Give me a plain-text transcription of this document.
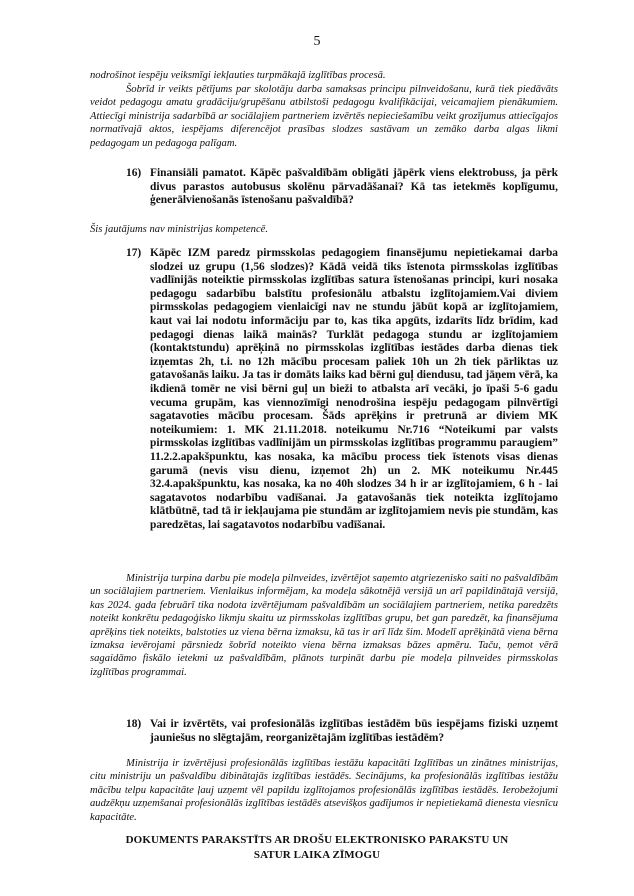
5

nodrošinot iespēju veiksmīgi iekļauties turpmākajā izglītības procesā.

Šobrīd ir veikts pētījums par skolotāju darba samaksas principu pilnveidošanu, kurā tiek piedāvāts veidot pedagogu amatu gradāciju/grupēšanu atbilstoši pedagogu kvalifikācijai, veicamajiem pienākumiem. Attiecīgi ministrija sadarbībā ar sociālajiem partneriem izvērtēs nepieciešamību veikt grozījumus attiecīgajos normatīvajā aktos, iespējams diferencējot prasības slodzes sastāvam un zemāko darba algas likmi pedagogam un pedagoga palīgam.

16) Finansiāli pamatot. Kāpēc pašvaldībām obligāti jāpērk viens elektrobuss, ja pērk divus parastos autobusus skolēnu pārvadāšanai? Kā tas ietekmēs koplīgumu, ģenerālvienošanās īstenošanu pašvaldībā?

Šis jautājums nav ministrijas kompetencē.

17) Kāpēc IZM paredz pirmsskolas pedagogiem finansējumu nepietiekamai darba slodzei uz grupu (1,56 slodzes)? Kādā veidā tiks īstenota pirmsskolas izglītības vadlīnijās noteiktie pirmsskolas izglītības satura īstenošanas principi, kuri nosaka pedagogu sadarbību balstītu profesionālu atbalstu izglītojamiem.Vai diviem pirmsskolas pedagogiem vienlaicīgi nav ne stundu jābūt kopā ar izglītojamiem, kaut vai lai nodotu informāciju par to, kas tika apgūts, izdarīts līdz brīdim, kad pedagogi dienas laikā mainās? Turklāt pedagoga stundu ar izglītojamiem (kontaktstundu) aprēķinā no pirmsskolas izglītības iestādes darba dienas tiek izņemtas 2h, t.i. no 12h mācību procesam paliek 10h un 2h tiek pārliktas uz gatavošanās laiku. Ja tas ir domāts laiks kad bērni guļ diendusu, tad jāņem vērā, ka ikdienā tomēr ne visi bērni guļ un bieži to atbalsta arī vecāki, jo īpaši 5-6 gadu vecuma grupām, kas viennozīmīgi nenodrošina iespēju pedagogam pilnvērtīgi sagatavoties mācību procesam. Šāds aprēķins ir pretrunā ar diviem MK noteikumiem: 1. MK 21.11.2018. noteikumu Nr.716 “Noteikumi par valsts pirmsskolas izglītības vadlīnijām un pirmsskolas izglītības programmu paraugiem” 11.2.2.apakšpunktu, kas nosaka, ka mācību process tiek īstenots visas dienas garumā (nevis visu dienu, izņemot 2h) un 2. MK noteikumu Nr.445 32.4.apakšpunktu, kas nosaka, ka no 40h slodzes 34 h ir ar izglītojamiem, 6 h - lai sagatavotos nodarbību vadīšanai. Ja gatavošanās tiek noteikta izglītojamo klātbūtnē, tad tā ir iekļaujama pie stundām ar izglītojamiem nevis pie stundām, kas paredzētas, lai sagatavotos nodarbību vadīšanai.

Ministrija turpina darbu pie modeļa pilnveides, izvērtējot saņemto atgriezenisko saiti no pašvaldībām un sociālajiem partneriem. Vienlaikus informējam, ka modeļa sākotnējā versijā un arī papildinātajā versijā, kas 2024. gada februārī tika nodota izvērtējumam pašvaldībām un sociālajiem partneriem, netika paredzēts noteikt konkrētu pedagoģisko likmju skaitu uz pirmsskolas izglītības grupu, bet gan paredzēt, ka finansējuma aprēķins tiek noteikts, balstoties uz viena bērna izmaksu, kā tas ir arī līdz šim. Modelī aprēķinātā viena bērna izmaksa ievērojami pārsniedz šobrīd noteikto viena bērna izmaksas bāzes apmēru. Taču, ņemot vērā sagaidāmo fiskālo ietekmi uz pašvaldībām, plānots turpināt darbu pie modeļa pilnveides pirmsskolas izglītības programmai.

18) Vai ir izvērtēts, vai profesionālās izglītības iestādēm būs iespējams fiziski uzņemt jauniešus no slēgtajām, reorganizētajām izglītības iestādēm?

Ministrija ir izvērtējusi profesionālās izglītības iestāžu kapacitāti Izglītības un zinātnes ministrijas, citu ministriju un pašvaldību dibinātajās izglītības iestādēs. Secinājums, ka profesionālās izglītības iestāžu mācību telpu kapacitāte ļauj uzņemt vēl papildu izglītojamos profesionālās izglītības iestādēs. Ierobežojumi audzēkņu uzņemšanai profesionālās izglītības iestādēs atsevišķos gadījumos ir nepietiekamā dienesta viesnīcu kapacitāte.

DOKUMENTS PARAKSTĪTS AR DROŠU ELEKTRONISKO PARAKSTU UN
SATUR LAIKA ZĪMOGU
